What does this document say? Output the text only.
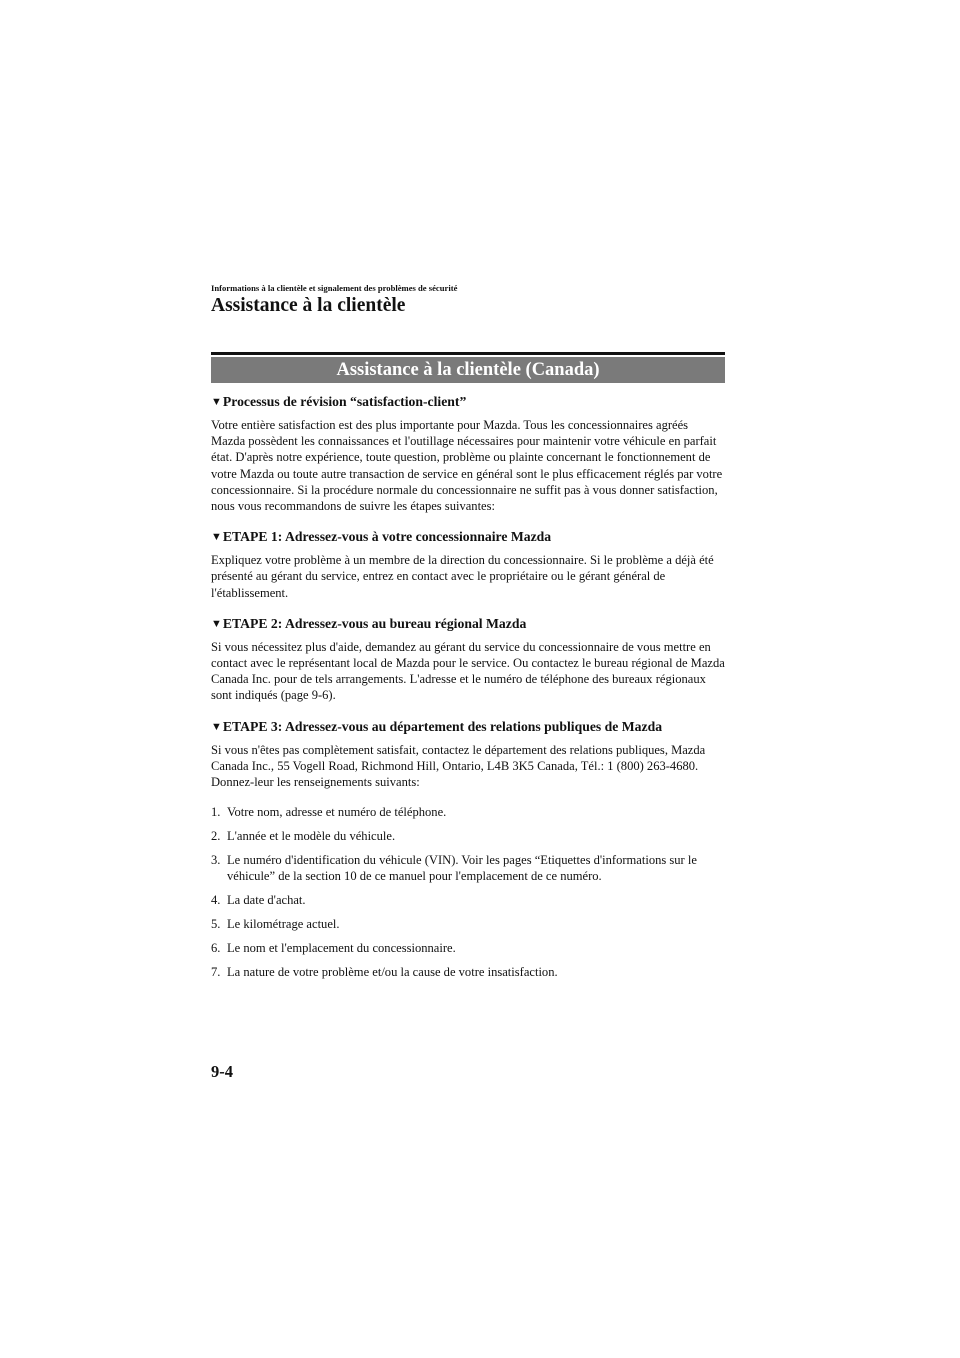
Informations à la clientèle et signalement des problèmes de sécurité
Assistance à la clientèle
Assistance à la clientèle (Canada)
▼Processus de révision “satisfaction-client”

Votre entière satisfaction est des plus importante pour Mazda. Tous les concessionnaires agréés Mazda possèdent les connaissances et l'outillage nécessaires pour maintenir votre véhicule en parfait état. D'après notre expérience, toute question, problème ou plainte concernant le fonctionnement de votre Mazda ou toute autre transaction de service en général sont le plus efficacement réglés par votre concessionnaire. Si la procédure normale du concessionnaire ne suffit pas à vous donner satisfaction, nous vous recommandons de suivre les étapes suivantes:

▼ETAPE 1: Adressez-vous à votre concessionnaire Mazda

Expliquez votre problème à un membre de la direction du concessionnaire. Si le problème a déjà été présenté au gérant du service, entrez en contact avec le propriétaire ou le gérant général de l'établissement.

▼ETAPE 2: Adressez-vous au bureau régional Mazda

Si vous nécessitez plus d'aide, demandez au gérant du service du concessionnaire de vous mettre en contact avec le représentant local de Mazda pour le service. Ou contactez le bureau régional de Mazda Canada Inc. pour de tels arrangements. L'adresse et le numéro de téléphone des bureaux régionaux sont indiqués (page 9-6).

▼ETAPE 3: Adressez-vous au département des relations publiques de Mazda

Si vous n'êtes pas complètement satisfait, contactez le département des relations publiques, Mazda Canada Inc., 55 Vogell Road, Richmond Hill, Ontario, L4B 3K5 Canada, Tél.: 1 (800) 263-4680.
Donnez-leur les renseignements suivants:

1. Votre nom, adresse et numéro de téléphone.
2. L'année et le modèle du véhicule.
3. Le numéro d'identification du véhicule (VIN). Voir les pages “Etiquettes d'informations sur le véhicule” de la section 10 de ce manuel pour l'emplacement de ce numéro.
4. La date d'achat.
5. Le kilométrage actuel.
6. Le nom et l'emplacement du concessionnaire.
7. La nature de votre problème et/ou la cause de votre insatisfaction.
9-4
